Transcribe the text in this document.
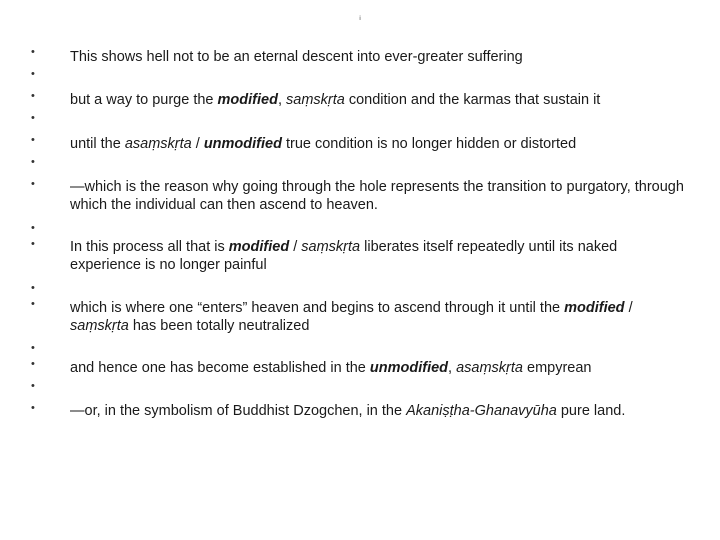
i
• This shows hell not to be an eternal descent into ever-greater suffering
•
• but a way to purge the modified, saṃskṛta condition and the karmas that sustain it
•
• until the asaṃskṛta / unmodified true condition is no longer hidden or distorted
•
• —which is the reason why going through the hole represents the transition to purgatory, through which the individual can then ascend to heaven.
•
• In this process all that is modified / saṃskṛta liberates itself repeatedly until its naked experience is no longer painful
•
• which is where one “enters” heaven and begins to ascend through it until the modified / saṃskṛta has been totally neutralized
•
• and hence one has become established in the unmodified, asaṃskṛta empyrean
•
• —or, in the symbolism of Buddhist Dzogchen, in the Akaniṣṭha-Ghanavyūha pure land.
